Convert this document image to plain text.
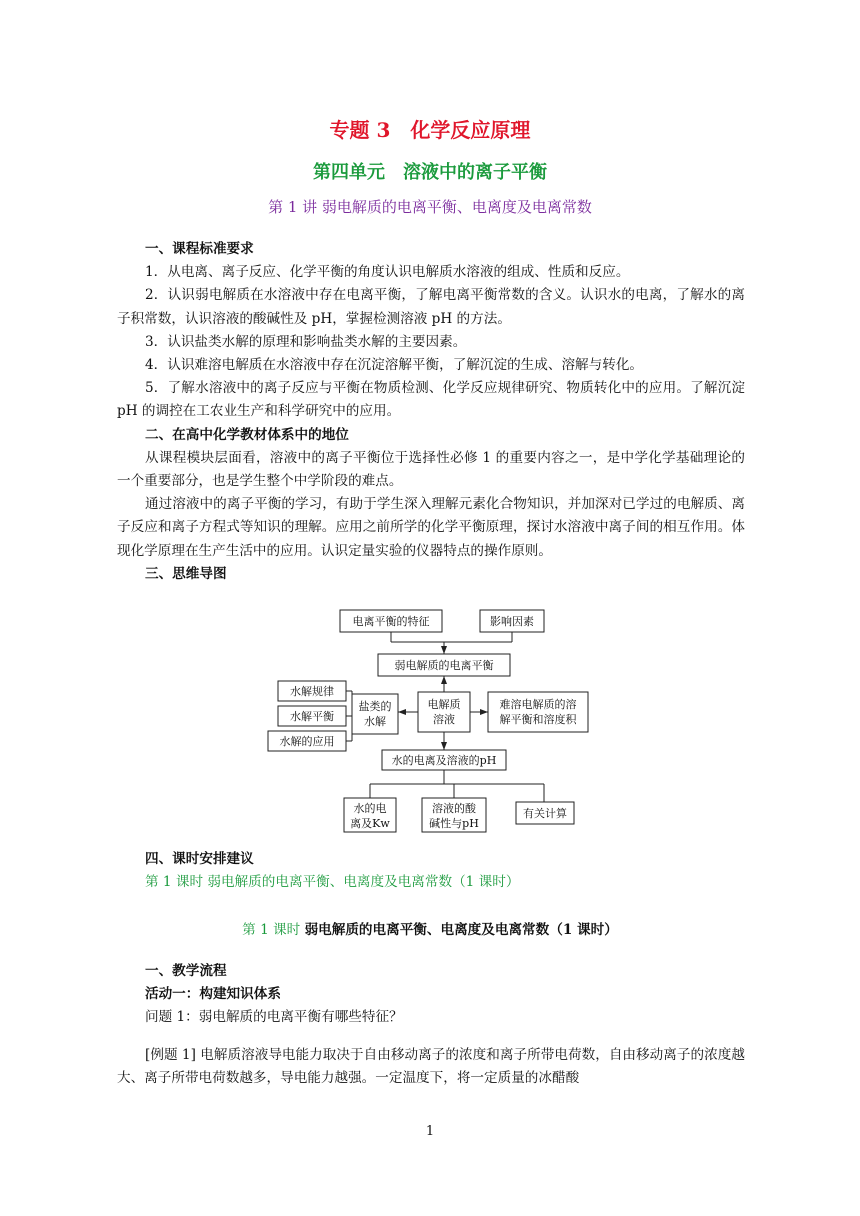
专题 3　化学反应原理
第四单元　溶液中的离子平衡
第 1 讲 弱电解质的电离平衡、电离度及电离常数
一、课程标准要求
1．从电离、离子反应、化学平衡的角度认识电解质水溶液的组成、性质和反应。
2．认识弱电解质在水溶液中存在电离平衡，了解电离平衡常数的含义。认识水的电离，了解水的离子积常数，认识溶液的酸碱性及 pH，掌握检测溶液 pH 的方法。
3．认识盐类水解的原理和影响盐类水解的主要因素。
4．认识难溶电解质在水溶液中存在沉淀溶解平衡，了解沉淀的生成、溶解与转化。
5．了解水溶液中的离子反应与平衡在物质检测、化学反应规律研究、物质转化中的应用。了解沉淀 pH 的调控在工农业生产和科学研究中的应用。
二、在高中化学教材体系中的地位
从课程模块层面看，溶液中的离子平衡位于选择性必修 1 的重要内容之一，是中学化学基础理论的一个重要部分，也是学生整个中学阶段的难点。
通过溶液中的离子平衡的学习，有助于学生深入理解元素化合物知识，并加深对已学过的电解质、离子反应和离子方程式等知识的理解。应用之前所学的化学平衡原理，探讨水溶液中离子间的相互作用。体现化学原理在生产生活中的应用。认识定量实验的仪器特点的操作原则。
三、思维导图
电离平衡的特征	影响因素
弱电解质的电离平衡
水解规律
水解平衡
水解的应用
盐类的
水解
电解质
溶液
难溶电解质的溶
解平衡和溶度积
水的电离及溶液的pH
水的电
离及Kw
溶液的酸
碱性与pH
有关计算
四、课时安排建议
第 1 课时 弱电解质的电离平衡、电离度及电离常数（1 课时）
第 1 课时 弱电解质的电离平衡、电离度及电离常数（1 课时）
一、教学流程
活动一：构建知识体系
问题 1：弱电解质的电离平衡有哪些特征？
[例题 1] 电解质溶液导电能力取决于自由移动离子的浓度和离子所带电荷数，自由移动离子的浓度越大、离子所带电荷数越多，导电能力越强。一定温度下，将一定质量的冰醋酸
1
